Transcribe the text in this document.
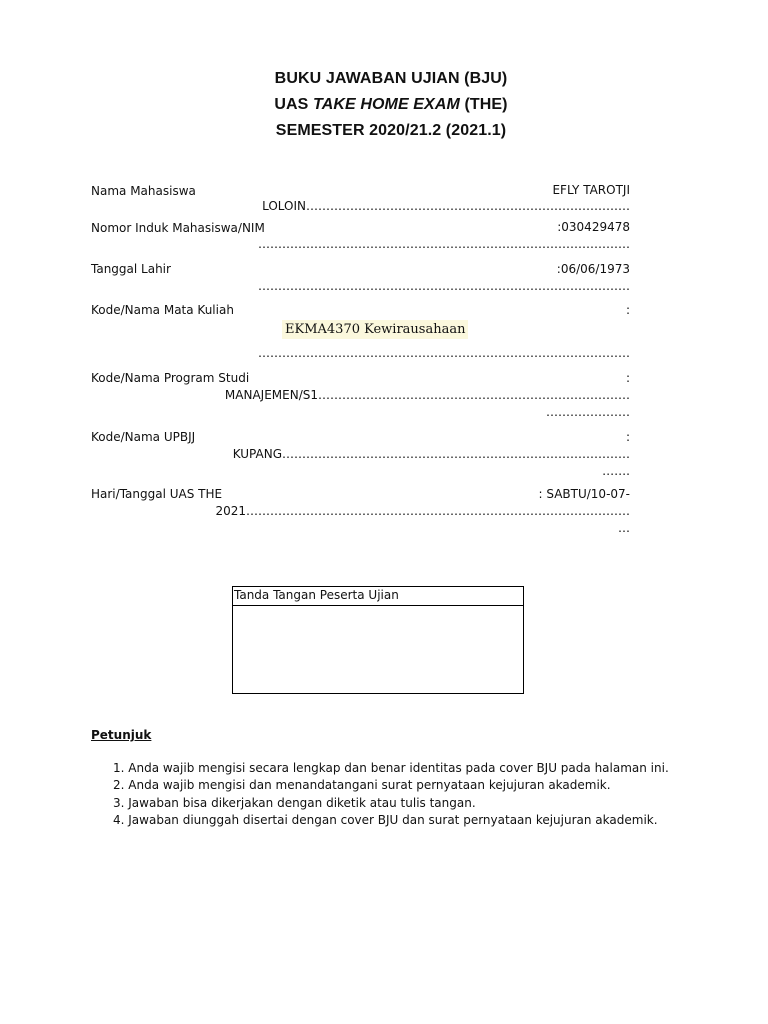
BUKU JAWABAN UJIAN (BJU)
UAS TAKE HOME EXAM (THE)
SEMESTER 2020/21.2 (2021.1)
Nama Mahasiswa	EFLY TAROTJI
LOLOIN………………………………………………………………………
Nomor Induk Mahasiswa/NIM	:030429478
…………………………………………………………………………………
Tanggal Lahir	:06/06/1973
…………………………………………………………………………………
Kode/Nama Mata Kuliah	:
EKMA4370 Kewirausahaan
…………………………………………………………………………………
Kode/Nama Program Studi	:
MANAJEMEN/S1……………………………………………………………………
…………………
Kode/Nama UPBJJ	:
KUPANG……………………………………………………………………………
…….
Hari/Tanggal UAS THE	: SABTU/10-07-
2021……………………………………………………………………………………
…
Tanda Tangan Peserta Ujian
Petunjuk
1. Anda wajib mengisi secara lengkap dan benar identitas pada cover BJU pada halaman ini.
2. Anda wajib mengisi dan menandatangani surat pernyataan kejujuran akademik.
3. Jawaban bisa dikerjakan dengan diketik atau tulis tangan.
4. Jawaban diunggah disertai dengan cover BJU dan surat pernyataan kejujuran akademik.
